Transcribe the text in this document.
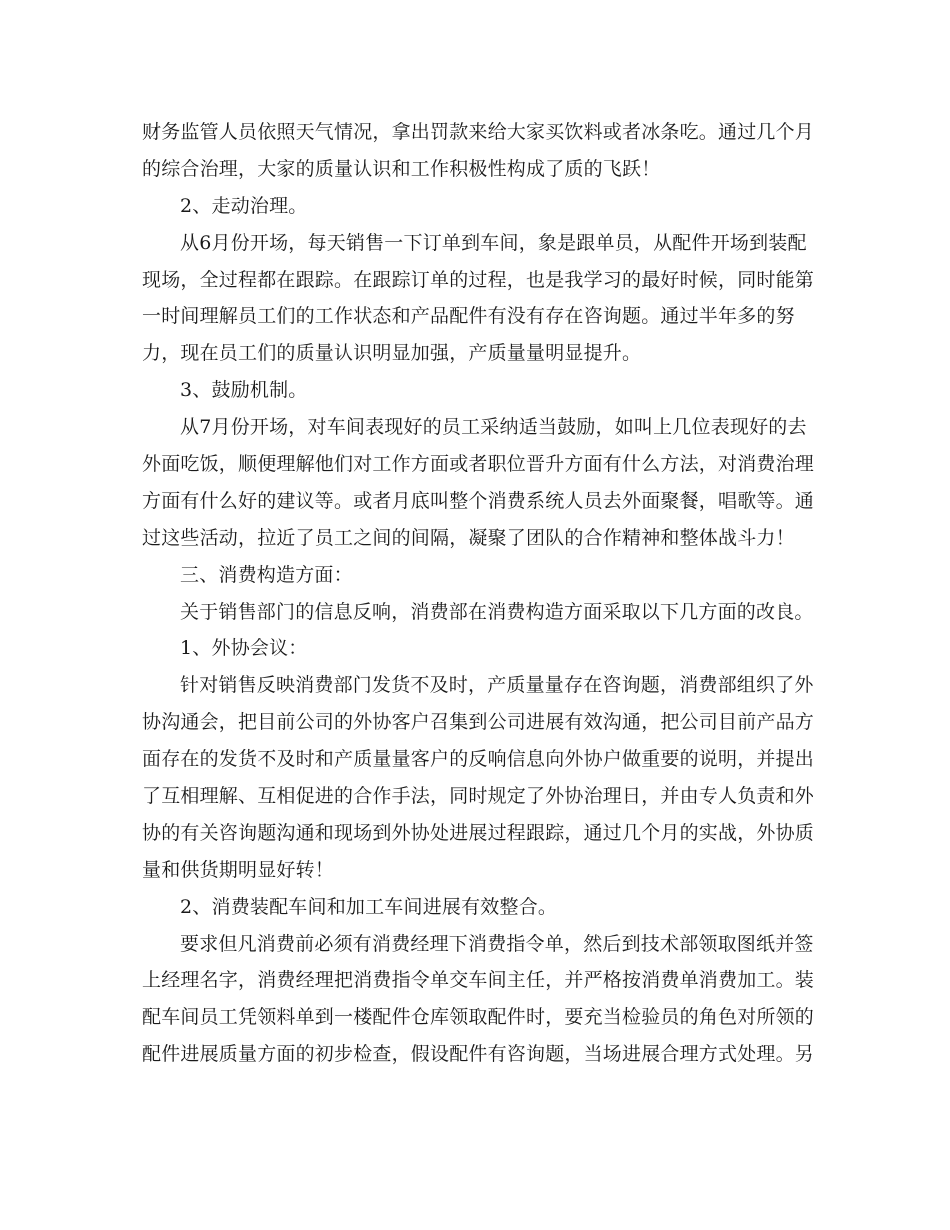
财务监管人员依照天气情况，拿出罚款来给大家买饮料或者冰条吃。通过几个月
的综合治理，大家的质量认识和工作积极性构成了质的飞跃！
2、走动治理。
从6月份开场，每天销售一下订单到车间，象是跟单员，从配件开场到装配
现场，全过程都在跟踪。在跟踪订单的过程，也是我学习的最好时候，同时能第
一时间理解员工们的工作状态和产品配件有没有存在咨询题。通过半年多的努
力，现在员工们的质量认识明显加强，产质量量明显提升。
3、鼓励机制。
从7月份开场，对车间表现好的员工采纳适当鼓励，如叫上几位表现好的去
外面吃饭，顺便理解他们对工作方面或者职位晋升方面有什么方法，对消费治理
方面有什么好的建议等。或者月底叫整个消费系统人员去外面聚餐，唱歌等。通
过这些活动，拉近了员工之间的间隔，凝聚了团队的合作精神和整体战斗力！
三、消费构造方面：
关于销售部门的信息反响，消费部在消费构造方面采取以下几方面的改良。
1、外协会议：
针对销售反映消费部门发货不及时，产质量量存在咨询题，消费部组织了外
协沟通会，把目前公司的外协客户召集到公司进展有效沟通，把公司目前产品方
面存在的发货不及时和产质量量客户的反响信息向外协户做重要的说明，并提出
了互相理解、互相促进的合作手法，同时规定了外协治理日，并由专人负责和外
协的有关咨询题沟通和现场到外协处进展过程跟踪，通过几个月的实战，外协质
量和供货期明显好转！
2、消费装配车间和加工车间进展有效整合。
要求但凡消费前必须有消费经理下消费指令单，然后到技术部领取图纸并签
上经理名字，消费经理把消费指令单交车间主任，并严格按消费单消费加工。装
配车间员工凭领料单到一楼配件仓库领取配件时，要充当检验员的角色对所领的
配件进展质量方面的初步检查，假设配件有咨询题，当场进展合理方式处理。另
